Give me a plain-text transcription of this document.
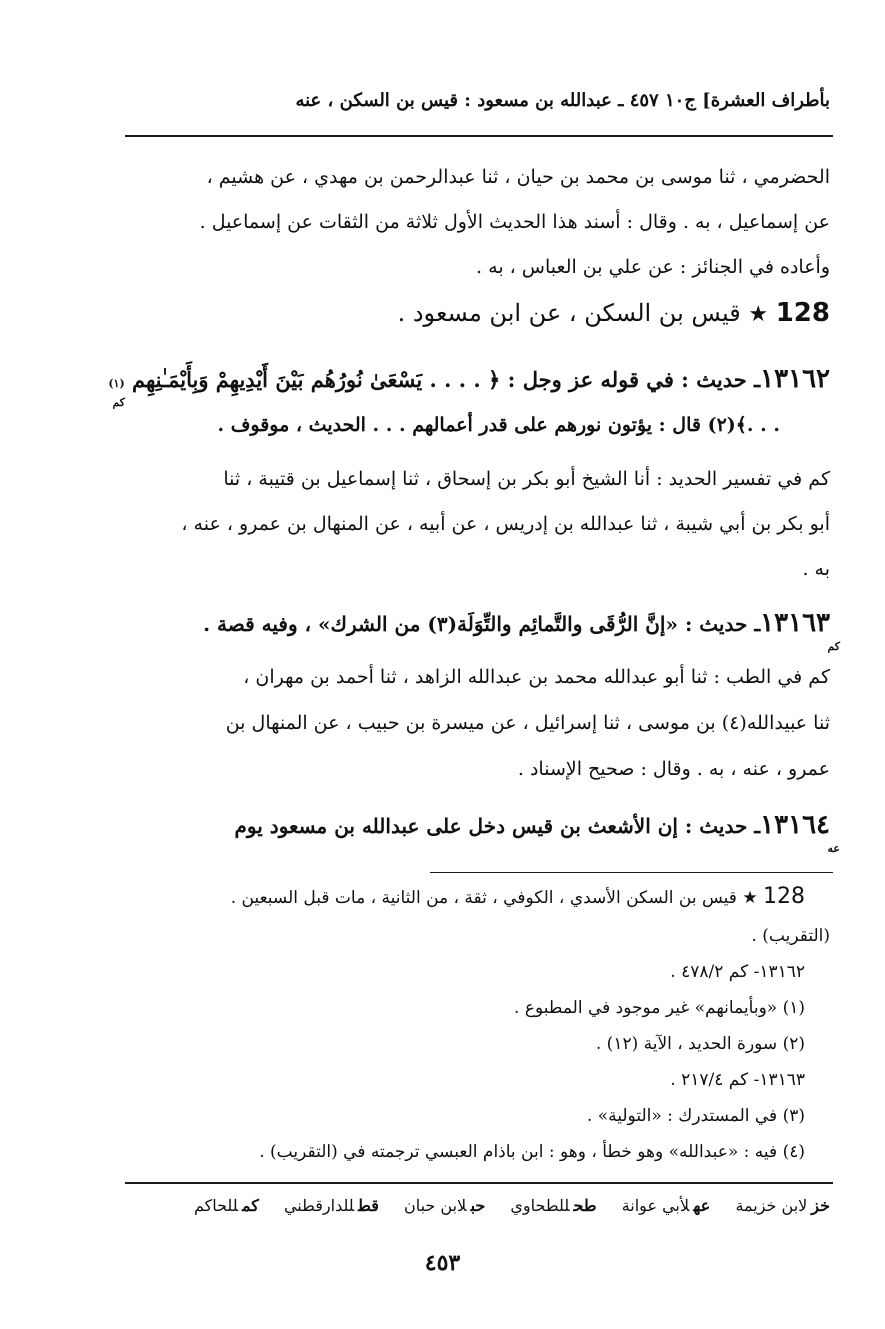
بأطراف العشرة] ج١٠ ٤٥٧ ـ عبدالله بن مسعود : قيس بن السكن ، عنه
الحضرمي ، ثنا موسى بن محمد بن حيان ، ثنا عبدالرحمن بن مهدي ، عن هشيم ،
عن إسماعيل ، به . وقال : أسند هذا الحديث الأول ثلاثة من الثقات عن إسماعيل .
وأعاده في الجنائز : عن علي بن العباس ، به .
128 ★ قيس بن السكن ، عن ابن مسعود .
١٣١٦٢ـ حديث : في قوله عز وجل : ﴿ . . . . يَسْعَىٰ نُورُهُم بَيْنَ أَيْدِيهِمْ وَبِأَيْمَـٰنِهِم (١)
كم
. . .﴾(٢) قال : يؤتون نورهم على قدر أعمالهم . . . الحديث ، موقوف .
كم في تفسير الحديد : أنا الشيخ أبو بكر بن إسحاق ، ثنا إسماعيل بن قتيبة ، ثنا
أبو بكر بن أبي شيبة ، ثنا عبدالله بن إدريس ، عن أبيه ، عن المنهال بن عمرو ، عنه ،
به .
١٣١٦٣ـ حديث : «إنَّ الرُّقَى والتَّمائِم والتِّوَلَة(٣) من الشرك» ، وفيه قصة .
كم
كم في الطب : ثنا أبو عبدالله محمد بن عبدالله الزاهد ، ثنا أحمد بن مهران ،
ثنا عبيدالله(٤) بن موسى ، ثنا إسرائيل ، عن ميسرة بن حبيب ، عن المنهال بن
عمرو ، عنه ، به . وقال : صحيح الإسناد .
١٣١٦٤ـ حديث : إن الأشعث بن قيس دخل على عبدالله بن مسعود يوم
عه
128 ★ قيس بن السكن الأسدي ، الكوفي ، ثقة ، من الثانية ، مات قبل السبعين .
(التقريب) .
١٣١٦٢- كم ٤٧٨/٢ .
(١) «وبأيمانهم» غير موجود في المطبوع .
(٢) سورة الحديد ، الآية (١٢) .
١٣١٦٣- كم ٢١٧/٤ .
(٣) في المستدرك : «التولية» .
(٤) فيه : «عبدالله» وهو خطأ ، وهو : ابن باذام العبسي ترجمته في (التقريب) .
خزلابن خزيمة عهلأبي عوانة طحللطحاوي حبلابن حبان قطللدارقطني كمللحاكم
٤٥٣
